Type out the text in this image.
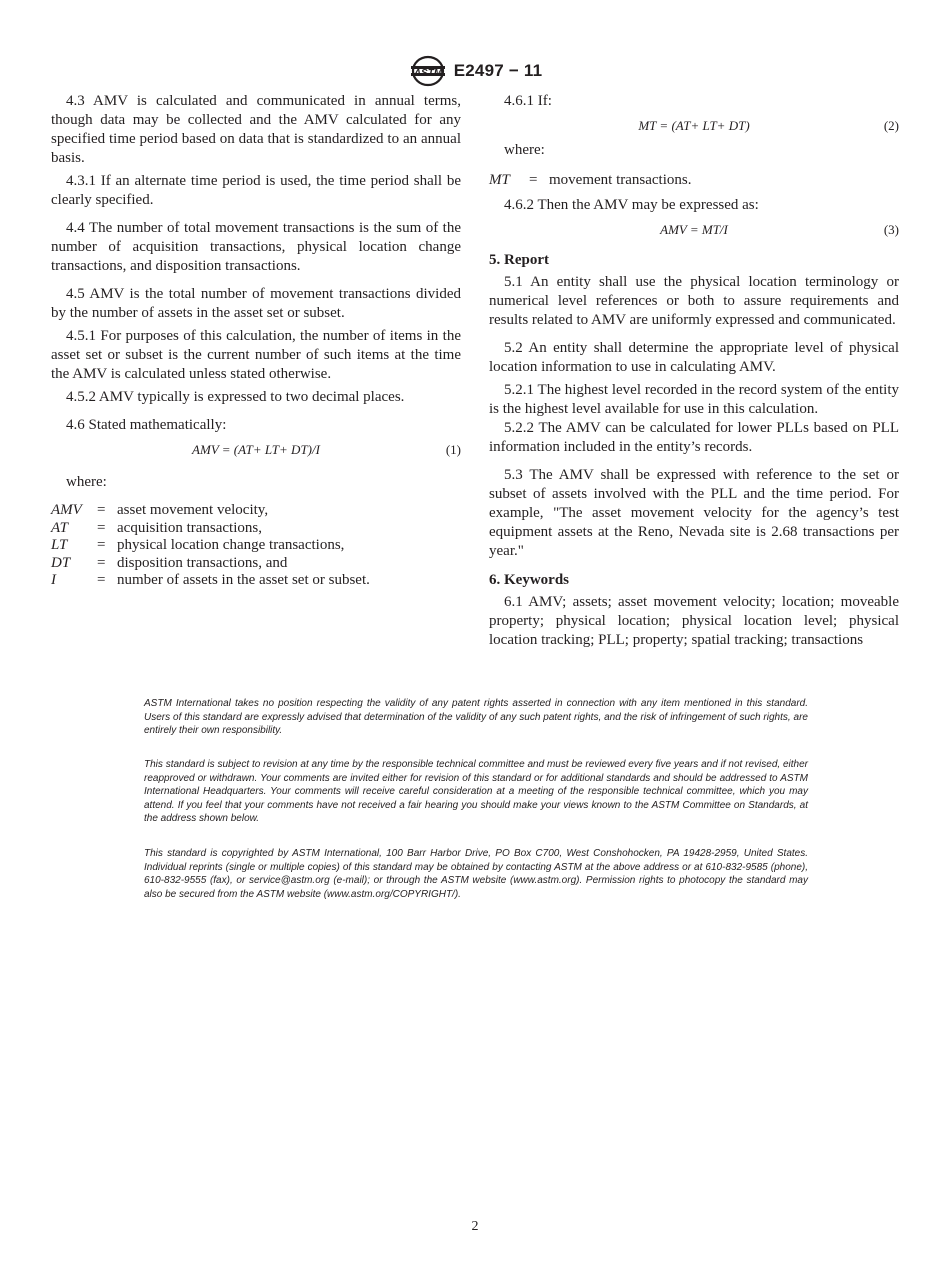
ASTM E2497 − 11

4.3 AMV is calculated and communicated in annual terms, though data may be collected and the AMV calculated for any specified time period based on data that is standardized to an annual basis.

4.3.1 If an alternate time period is used, the time period shall be clearly specified.

4.4 The number of total movement transactions is the sum of the number of acquisition transactions, physical location change transactions, and disposition transactions.

4.5 AMV is the total number of movement transactions divided by the number of assets in the asset set or subset.

4.5.1 For purposes of this calculation, the number of items in the asset set or subset is the current number of such items at the time the AMV is calculated unless stated otherwise.

4.5.2 AMV typically is expressed to two decimal places.

4.6 Stated mathematically:

AMV = (AT+ LT+ DT)/I	(1)

where:

AMV	= asset movement velocity,
AT	= acquisition transactions,
LT	= physical location change transactions,
DT	= disposition transactions, and
I	= number of assets in the asset set or subset.

4.6.1 If:

MT = (AT+ LT+ DT)	(2)

where:

MT	= movement transactions.

4.6.2 Then the AMV may be expressed as:

AMV = MT/I	(3)
5. Report

5.1 An entity shall use the physical location terminology or numerical level references or both to assure requirements and results related to AMV are uniformly expressed and communicated.

5.2 An entity shall determine the appropriate level of physical location information to use in calculating AMV.

5.2.1 The highest level recorded in the record system of the entity is the highest level available for use in this calculation.

5.2.2 The AMV can be calculated for lower PLLs based on PLL information included in the entity’s records.

5.3 The AMV shall be expressed with reference to the set or subset of assets involved with the PLL and the time period. For example, "The asset movement velocity for the agency’s test equipment assets at the Reno, Nevada site is 2.68 transactions per year."

6. Keywords

6.1 AMV; assets; asset movement velocity; location; moveable property; physical location; physical location level; physical location tracking; PLL; property; spatial tracking; transactions

ASTM International takes no position respecting the validity of any patent rights asserted in connection with any item mentioned in this standard. Users of this standard are expressly advised that determination of the validity of any such patent rights, and the risk of infringement of such rights, are entirely their own responsibility.

This standard is subject to revision at any time by the responsible technical committee and must be reviewed every five years and if not revised, either reapproved or withdrawn. Your comments are invited either for revision of this standard or for additional standards and should be addressed to ASTM International Headquarters. Your comments will receive careful consideration at a meeting of the responsible technical committee, which you may attend. If you feel that your comments have not received a fair hearing you should make your views known to the ASTM Committee on Standards, at the address shown below.

This standard is copyrighted by ASTM International, 100 Barr Harbor Drive, PO Box C700, West Conshohocken, PA 19428-2959, United States. Individual reprints (single or multiple copies) of this standard may be obtained by contacting ASTM at the above address or at 610-832-9585 (phone), 610-832-9555 (fax), or service@astm.org (e-mail); or through the ASTM website (www.astm.org). Permission rights to photocopy the standard may also be secured from the ASTM website (www.astm.org/COPYRIGHT/).

2
